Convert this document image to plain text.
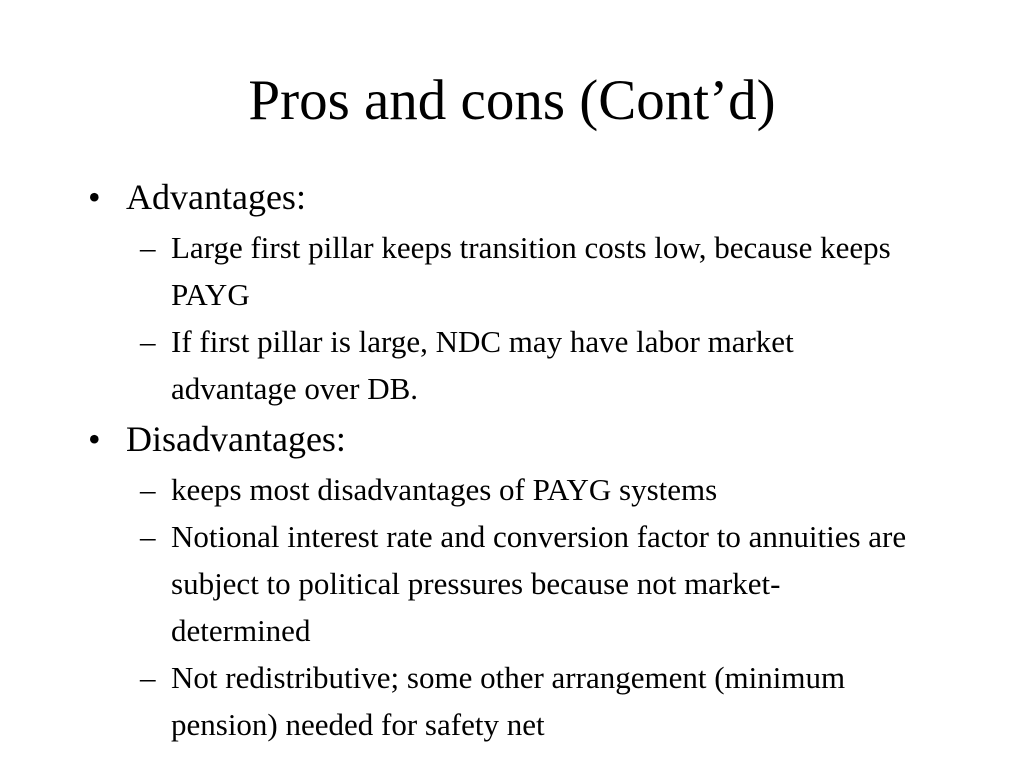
Pros and cons (Cont’d)
• Advantages:
– Large first pillar keeps transition costs low, because keeps PAYG
– If first pillar is large, NDC may have labor market advantage over DB.
• Disadvantages:
– keeps most disadvantages of PAYG systems
– Notional interest rate and conversion factor to annuities are subject to political pressures because not market-determined
– Not redistributive; some other arrangement (minimum pension) needed for safety net
